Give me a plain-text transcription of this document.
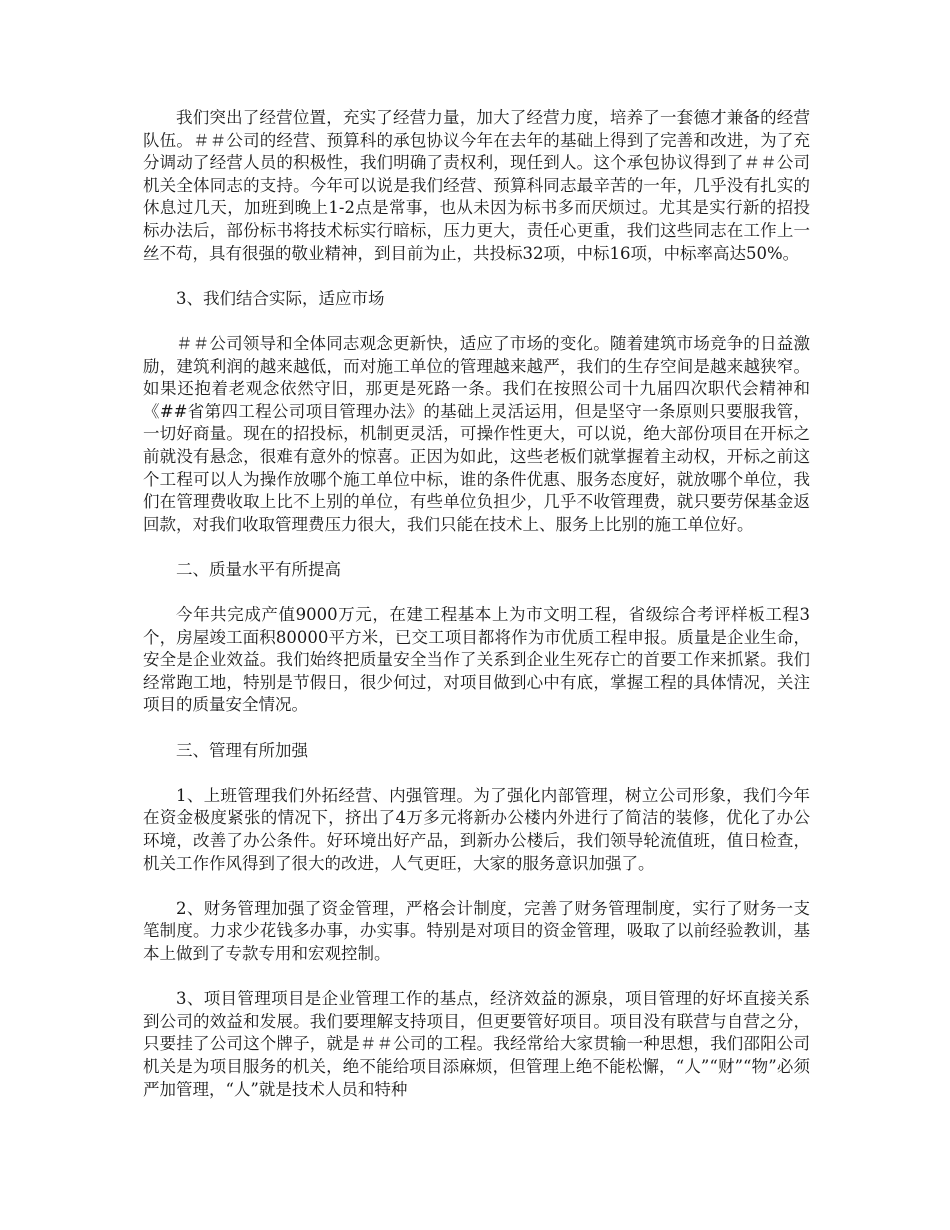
我们突出了经营位置，充实了经营力量，加大了经营力度，培养了一套德才兼备的经营队伍。＃＃公司的经营、预算科的承包协议今年在去年的基础上得到了完善和改进，为了充分调动了经营人员的积极性，我们明确了责权利，现任到人。这个承包协议得到了＃＃公司机关全体同志的支持。今年可以说是我们经营、预算科同志最辛苦的一年，几乎没有扎实的休息过几天，加班到晚上1-2点是常事，也从未因为标书多而厌烦过。尤其是实行新的招投标办法后，部份标书将技术标实行暗标，压力更大，责任心更重，我们这些同志在工作上一丝不苟，具有很强的敬业精神，到目前为止，共投标32项，中标16项，中标率高达50%。

3、我们结合实际，适应市场

＃＃公司领导和全体同志观念更新快，适应了市场的变化。随着建筑市场竞争的日益激励，建筑利润的越来越低，而对施工单位的管理越来越严，我们的生存空间是越来越狭窄。如果还抱着老观念依然守旧，那更是死路一条。我们在按照公司十九届四次职代会精神和《##省第四工程公司项目管理办法》的基础上灵活运用，但是坚守一条原则只要服我管，一切好商量。现在的招投标，机制更灵活，可操作性更大，可以说，绝大部份项目在开标之前就没有悬念，很难有意外的惊喜。正因为如此，这些老板们就掌握着主动权，开标之前这个工程可以人为操作放哪个施工单位中标，谁的条件优惠、服务态度好，就放哪个单位，我们在管理费收取上比不上别的单位，有些单位负担少，几乎不收管理费，就只要劳保基金返回款，对我们收取管理费压力很大，我们只能在技术上、服务上比别的施工单位好。

二、质量水平有所提高

今年共完成产值9000万元，在建工程基本上为市文明工程，省级综合考评样板工程3个，房屋竣工面积80000平方米，已交工项目都将作为市优质工程申报。质量是企业生命，安全是企业效益。我们始终把质量安全当作了关系到企业生死存亡的首要工作来抓紧。我们经常跑工地，特别是节假日，很少何过，对项目做到心中有底，掌握工程的具体情况，关注项目的质量安全情况。

三、管理有所加强

1、上班管理我们外拓经营、内强管理。为了强化内部管理，树立公司形象，我们今年在资金极度紧张的情况下，挤出了4万多元将新办公楼内外进行了简洁的装修，优化了办公环境，改善了办公条件。好环境出好产品，到新办公楼后，我们领导轮流值班，值日检查，机关工作作风得到了很大的改进，人气更旺，大家的服务意识加强了。

2、财务管理加强了资金管理，严格会计制度，完善了财务管理制度，实行了财务一支笔制度。力求少花钱多办事，办实事。特别是对项目的资金管理，吸取了以前经验教训，基本上做到了专款专用和宏观控制。

3、项目管理项目是企业管理工作的基点，经济效益的源泉，项目管理的好坏直接关系到公司的效益和发展。我们要理解支持项目，但更要管好项目。项目没有联营与自营之分，只要挂了公司这个牌子，就是＃＃公司的工程。我经常给大家贯输一种思想，我们邵阳公司机关是为项目服务的机关，绝不能给项目添麻烦，但管理上绝不能松懈，“人”“财”“物”必须严加管理，“人”就是技术人员和特种
